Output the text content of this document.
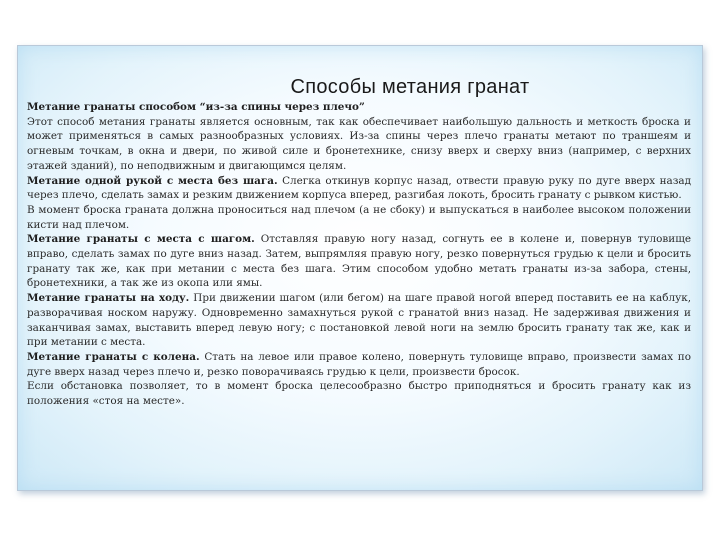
Способы метания гранат

Метание гранаты способом “из-за спины через плечо”

Этот способ метания гранаты является основным, так как обеспечивает наибольшую дальность и меткость броска и может применяться в самых разнообразных условиях. Из-за спины через плечо гранаты метают по траншеям и огневым точкам, в окна и двери, по живой силе и бронетехнике, снизу вверх и сверху вниз (например, с верхних этажей зданий), по неподвижным и двигающимся целям.

Метание одной рукой с места без шага. Слегка откинув корпус назад, отвести правую руку по дуге вверх назад через плечо, сделать замах и резким движением корпуса вперед, разгибая локоть, бросить гранату с рывком кистью.

В момент броска граната должна проноситься над плечом (а не сбоку) и выпускаться в наиболее высоком положении кисти над плечом.

Метание гранаты с места с шагом. Отставляя правую ногу назад, согнуть ее в колене и, повернув туловище вправо, сделать замах по дуге вниз назад. Затем, выпрямляя правую ногу, резко повернуться грудью к цели и бросить гранату так же, как при метании с места без шага. Этим способом удобно метать гранаты из-за забора, стены, бронетехники, а так же из окопа или ямы.

Метание гранаты на ходу. При движении шагом (или бегом) на шаге правой ногой вперед поставить ее на каблук, разворачивая носком наружу. Одновременно замахнуться рукой с гранатой вниз назад. Не задерживая движения и заканчивая замах, выставить вперед левую ногу; с постановкой левой ноги на землю бросить гранату так же, как и при метании с места.

Метание гранаты с колена. Стать на левое или правое колено, повернуть туловище вправо, произвести замах по дуге вверх назад через плечо и, резко поворачиваясь грудью к цели, произвести бросок.

Если обстановка позволяет, то в момент броска целесообразно быстро приподняться и бросить гранату как из положения «стоя на месте».
